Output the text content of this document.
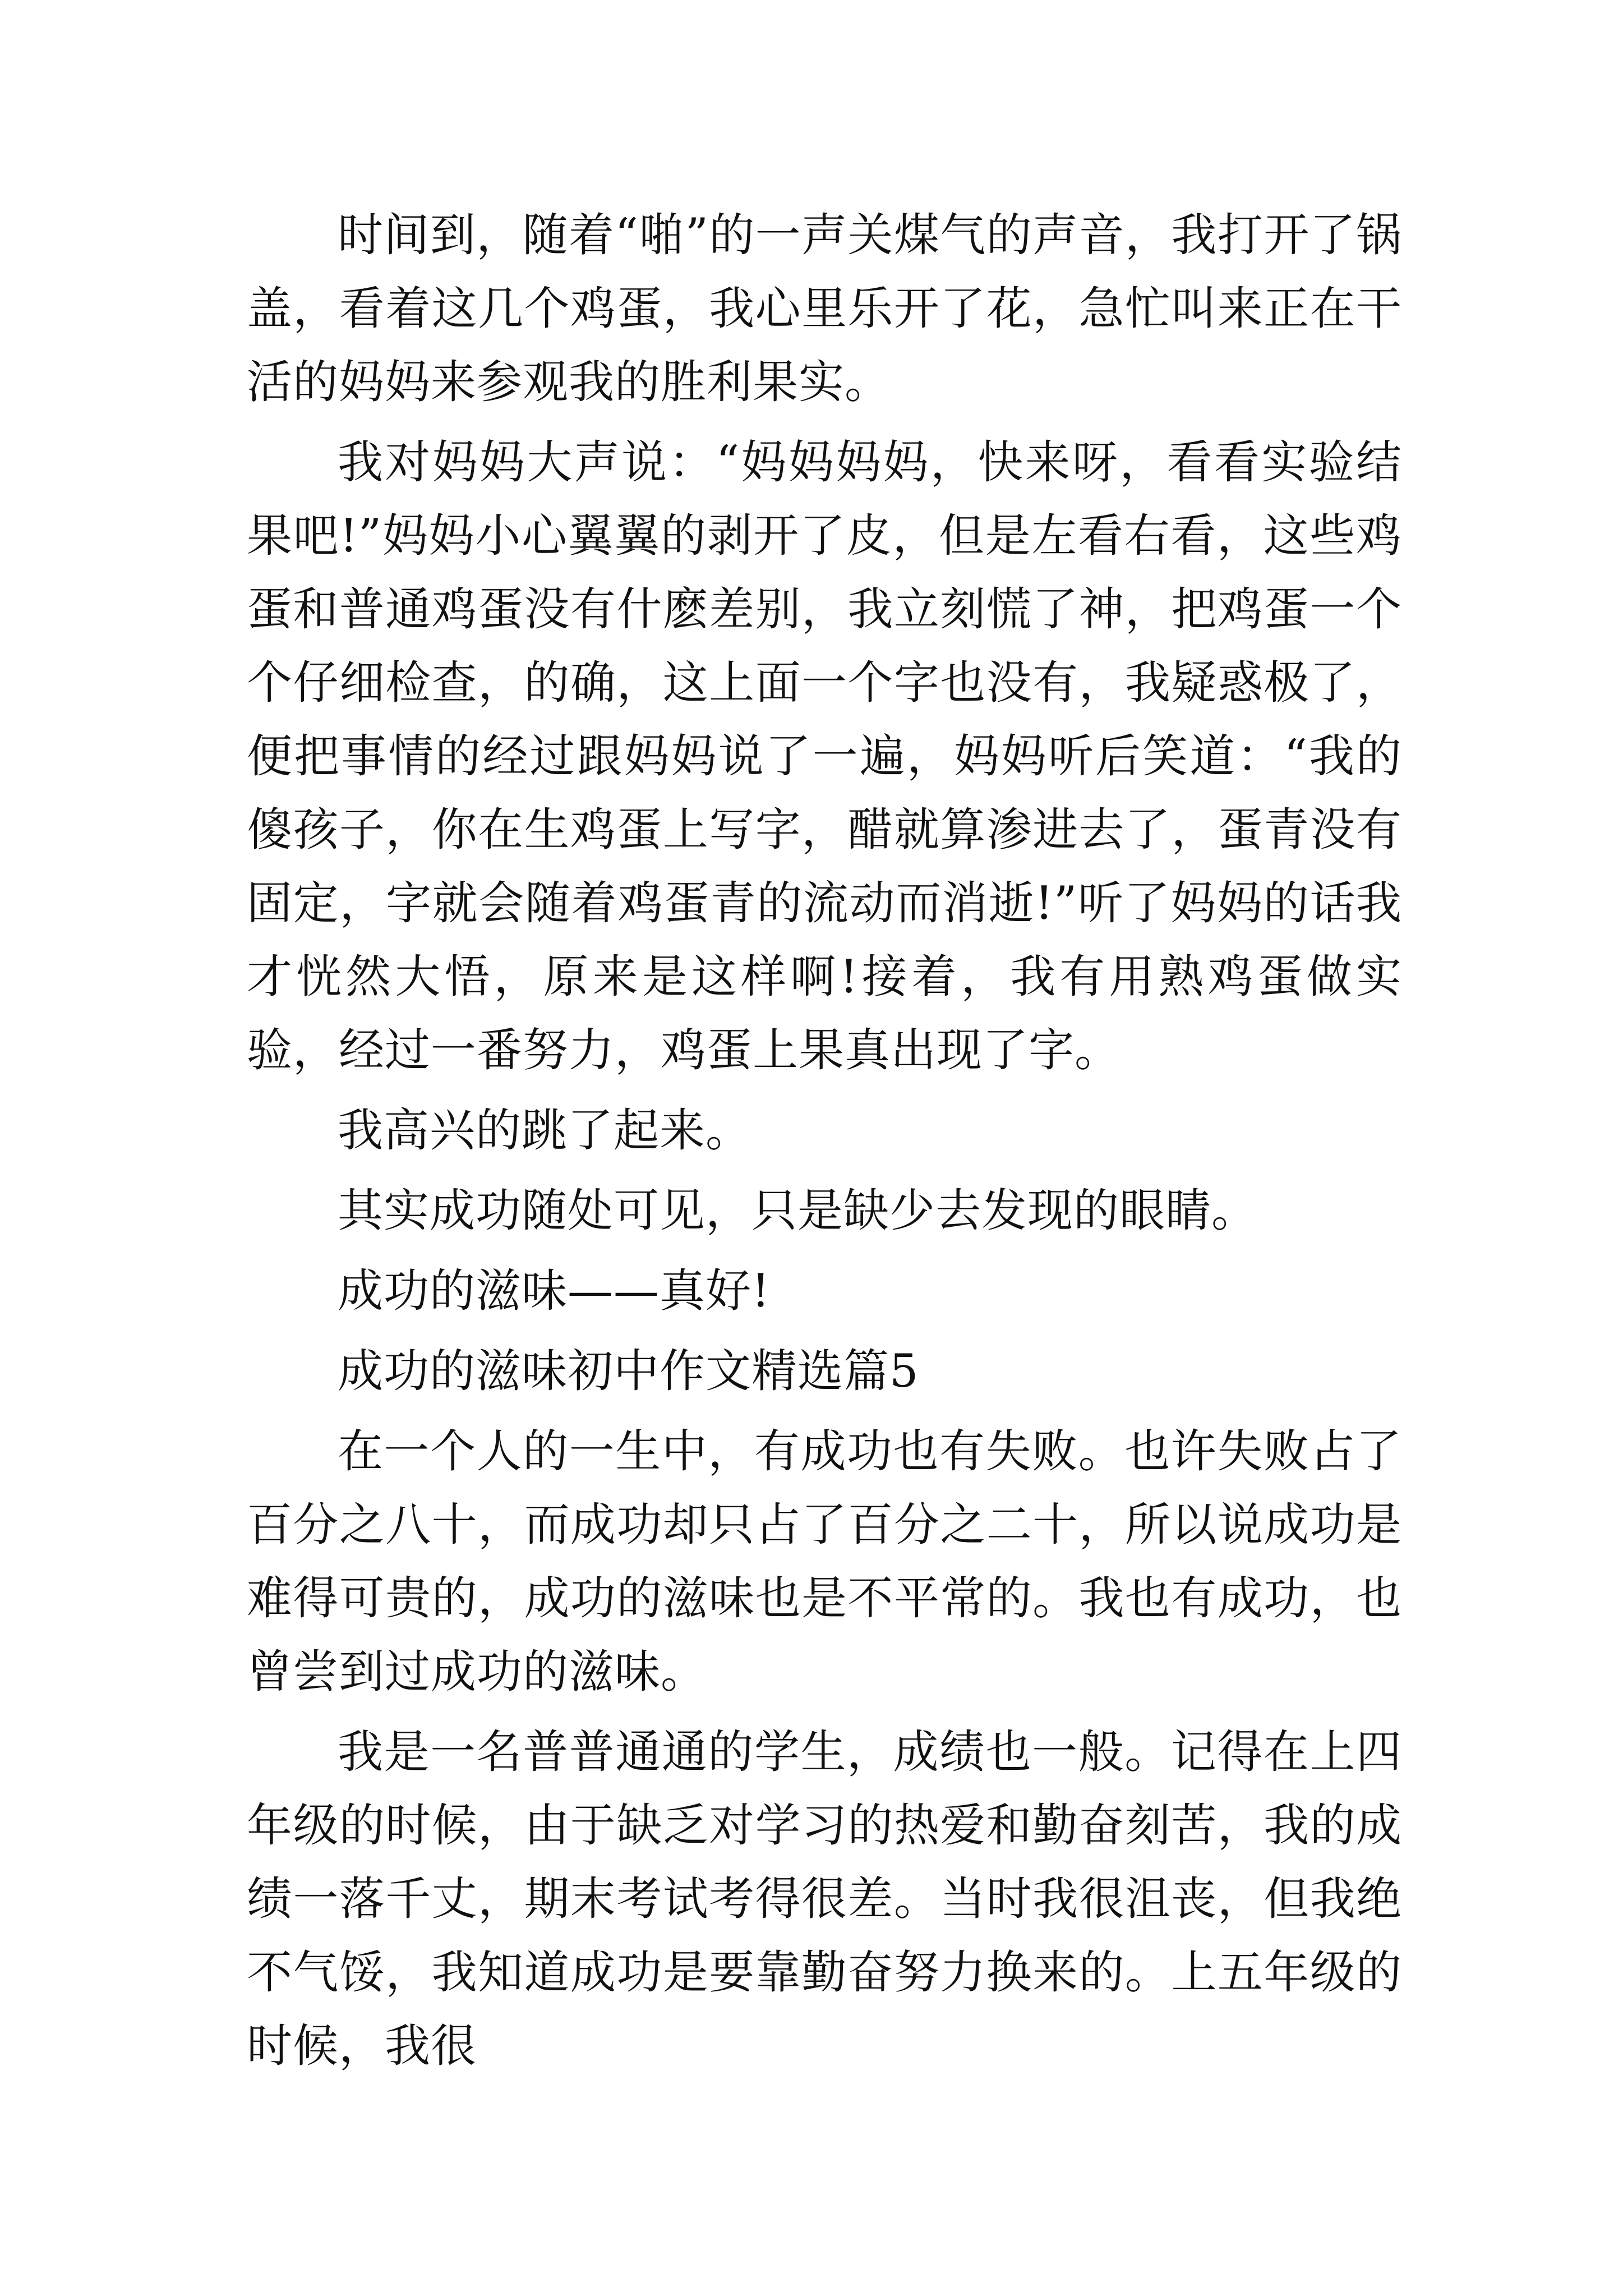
时间到，随着“啪”的一声关煤气的声音，我打开了锅盖，看着这几个鸡蛋，我心里乐开了花，急忙叫来正在干活的妈妈来参观我的胜利果实。

我对妈妈大声说：“妈妈妈妈，快来呀，看看实验结果吧!”妈妈小心翼翼的剥开了皮，但是左看右看，这些鸡蛋和普通鸡蛋没有什麽差别，我立刻慌了神，把鸡蛋一个个仔细检查，的确，这上面一个字也没有，我疑惑极了，便把事情的经过跟妈妈说了一遍，妈妈听后笑道：“我的傻孩子，你在生鸡蛋上写字，醋就算渗进去了，蛋青没有固定，字就会随着鸡蛋青的流动而消逝!”听了妈妈的话我才恍然大悟，原来是这样啊!接着，我有用熟鸡蛋做实验，经过一番努力，鸡蛋上果真出现了字。

我高兴的跳了起来。

其实成功随处可见，只是缺少去发现的眼睛。

成功的滋味——真好!

成功的滋味初中作文精选篇5

在一个人的一生中，有成功也有失败。也许失败占了百分之八十，而成功却只占了百分之二十，所以说成功是难得可贵的，成功的滋味也是不平常的。我也有成功，也曾尝到过成功的滋味。

我是一名普普通通的学生，成绩也一般。记得在上四年级的时候，由于缺乏对学习的热爱和勤奋刻苦，我的成绩一落千丈，期末考试考得很差。当时我很沮丧，但我绝不气馁，我知道成功是要靠勤奋努力换来的。上五年级的时候，我很
